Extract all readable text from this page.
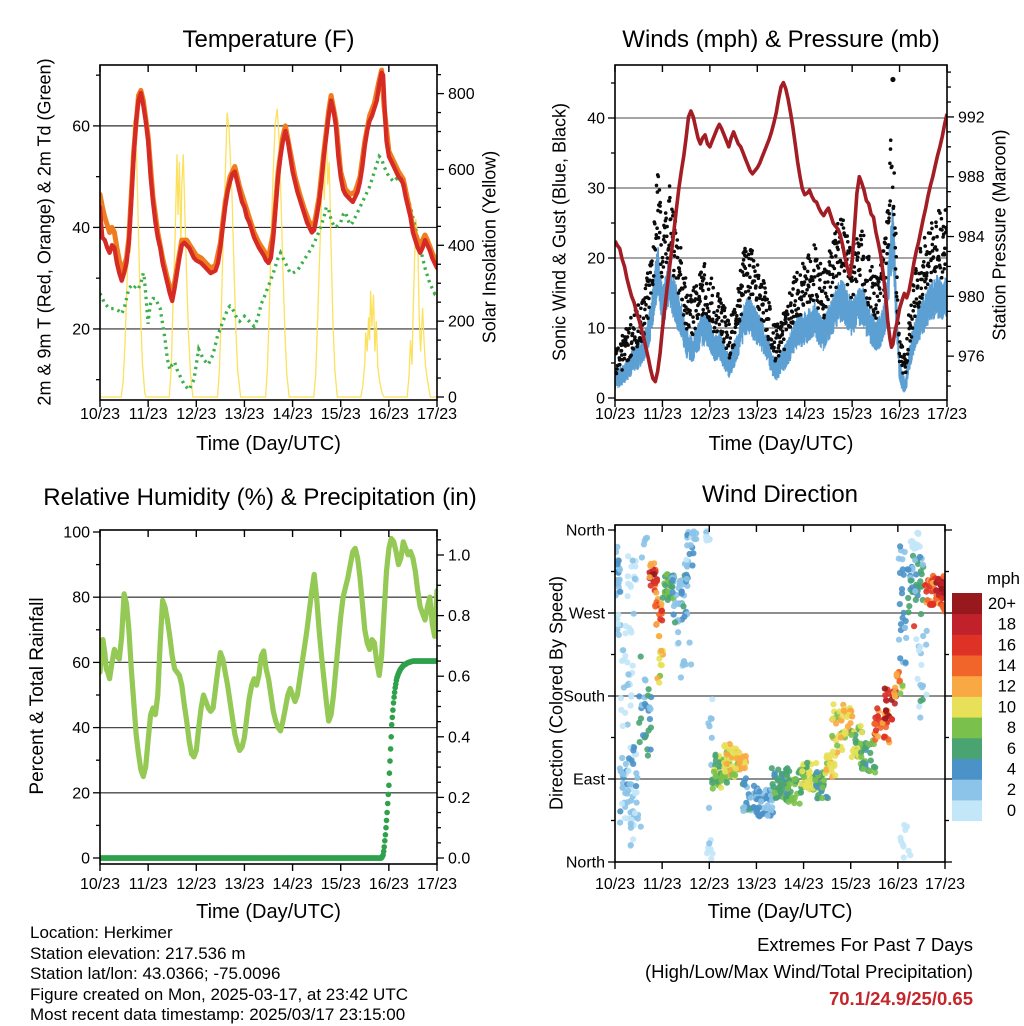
10/23 11/23 12/23 13/23 14/23 15/23 16/23 17/23
20
40
60
0
200
400
600
800
10/23 11/23 12/23 13/23 14/23 15/23 16/23 17/23
0
10
20
30
40
976
980
984
988
992
10/23 11/23 12/23 13/23 14/23 15/23 16/23 17/23
0
20
40
60
80
100
0.0
0.2
0.4
0.6
0.8
1.0
10/23 11/23 12/23 13/23 14/23 15/23 16/23 17/23
North
West
South
East
North
0
2
4
6
8
10
12
14
16
18
20+
Temperature (F)
2m & 9m T (Red, Orange) & 2m Td (Green)	Solar Insolation (Yellow)
Time (Day/UTC)
Winds (mph) & Pressure (mb)
Sonic Wind & Gust (Blue, Black)	Station Pressure (Maroon)
Time (Day/UTC)
Relative Humidity (%) & Precipitation (in)
Percent & Total Rainfall
Time (Day/UTC)
Wind Direction
Direction (Colored By Speed)
Time (Day/UTC)
mph
Location: Herkimer
Station elevation: 217.536 m
Station lat/lon: 43.0366; -75.0096
Figure created on Mon, 2025-03-17, at 23:42 UTC
Most recent data timestamp: 2025/03/17 23:15:00
Extremes For Past 7 Days
(High/Low/Max Wind/Total Precipitation)
70.1/24.9/25/0.65
